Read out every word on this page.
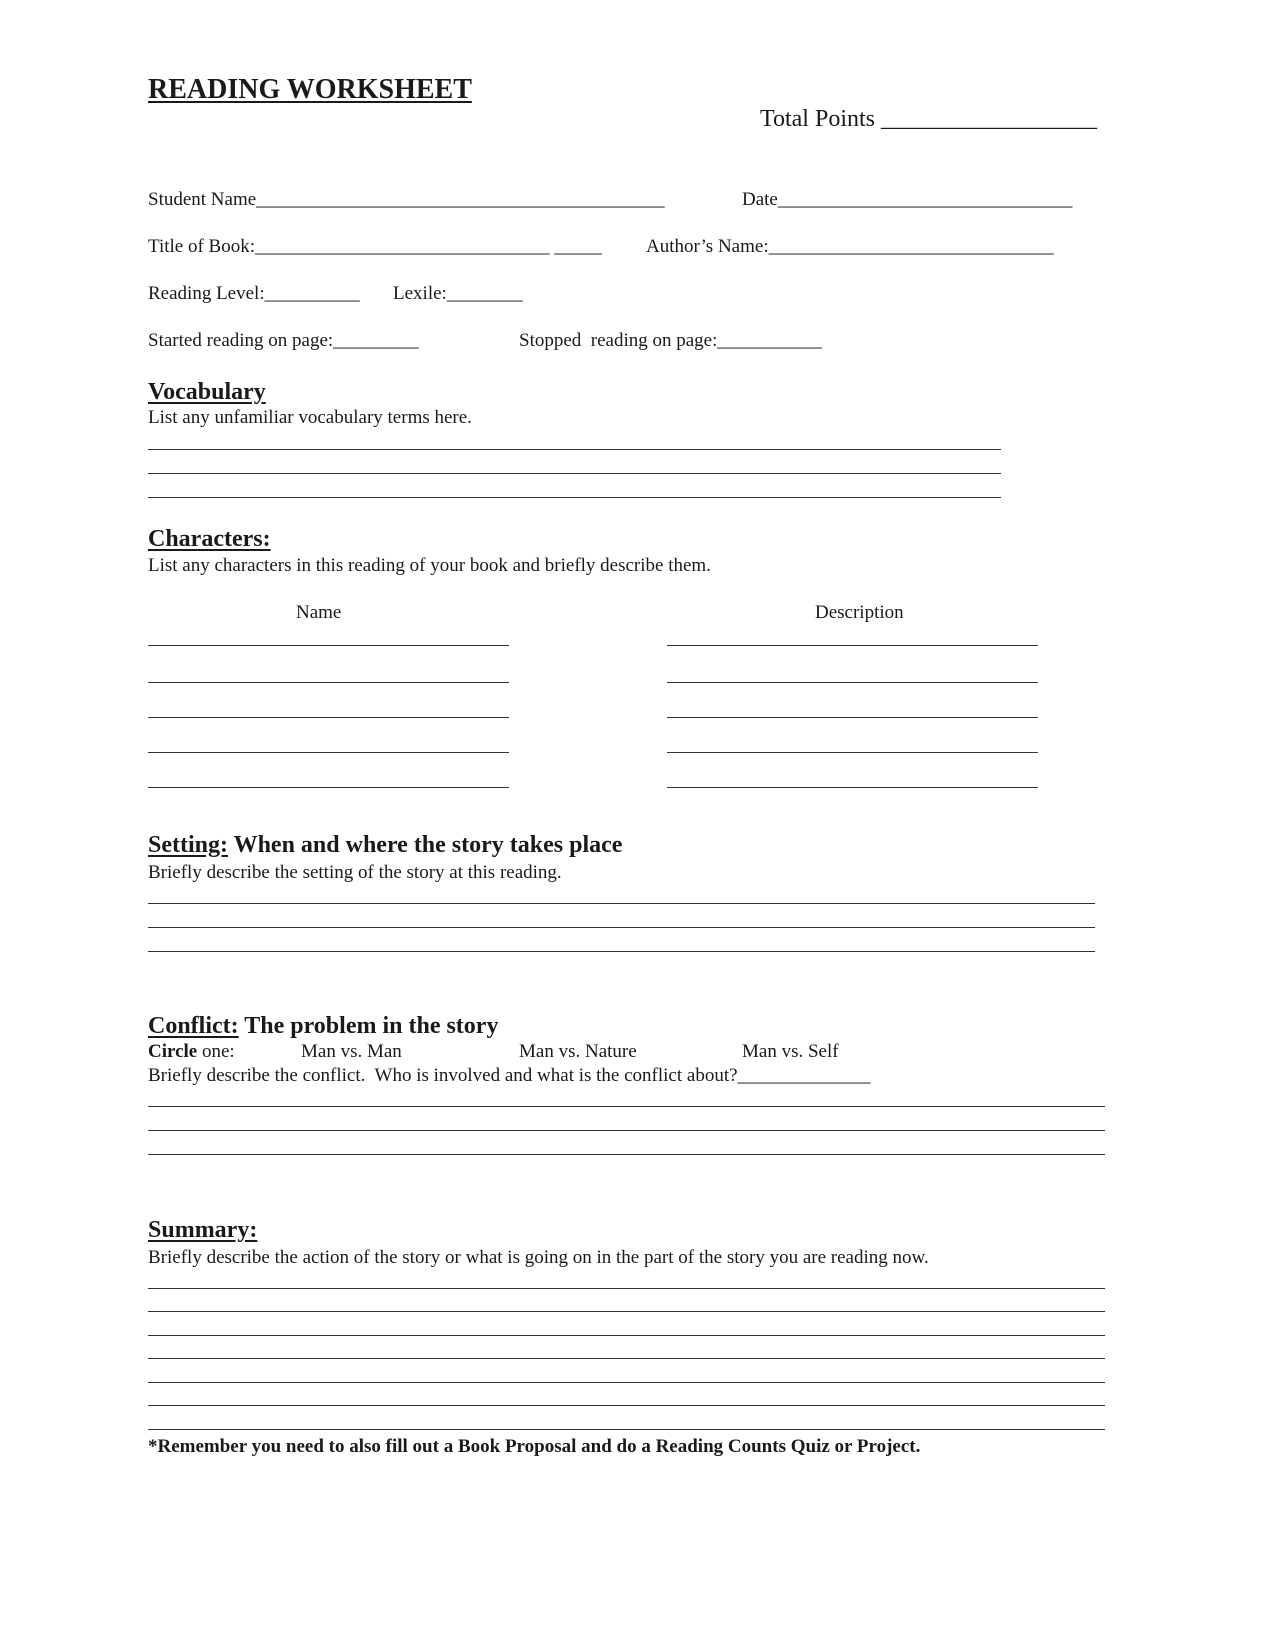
READING WORKSHEET
Total Points __________________
Student Name___________________________________________	Date_______________________________
Title of Book:_______________________________ _____ Author’s Name:______________________________
Reading Level:__________ Lexile:________
Started reading on page:_________	Stopped  reading on page:___________
Vocabulary
List any unfamiliar vocabulary terms here.
Characters:
List any characters in this reading of your book and briefly describe them.
Name	Description
Setting: When and where the story takes place
Briefly describe the setting of the story at this reading.
Conflict: The problem in the story
Circle one:	Man vs. Man	Man vs. Nature	Man vs. Self
Briefly describe the conflict.  Who is involved and what is the conflict about?______________
Summary:
Briefly describe the action of the story or what is going on in the part of the story you are reading now.
*Remember you need to also fill out a Book Proposal and do a Reading Counts Quiz or Project.
